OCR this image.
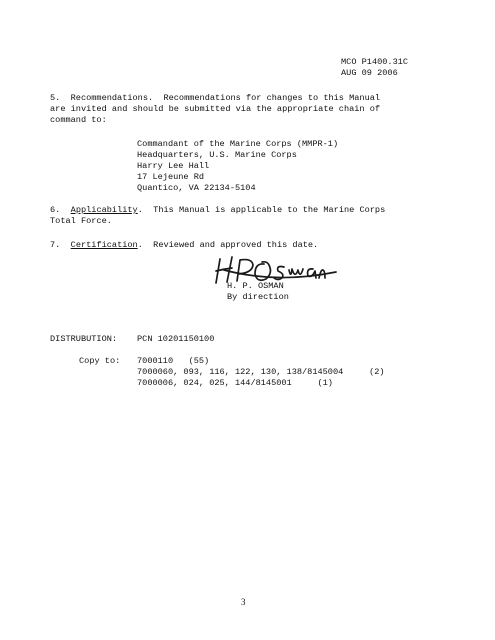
MCO P1400.31C
AUG 09 2006
5.  Recommendations.  Recommendations for changes to this Manual
are invited and should be submitted via the appropriate chain of
command to:
Commandant of the Marine Corps (MMPR-1)
Headquarters, U.S. Marine Corps
Harry Lee Hall
17 Lejeune Rd
Quantico, VA 22134-5104
6. Applicability.  This Manual is applicable to the Marine Corps
Total Force.
7. Certification.  Reviewed and approved this date.
H. P. OSMAN
By direction
DISTRUBUTION: PCN 10201150100
Copy to: 7000110   (55)
7000060, 093, 116, 122, 130, 138/8145004     (2)
7000006, 024, 025, 144/8145001     (1)
3
